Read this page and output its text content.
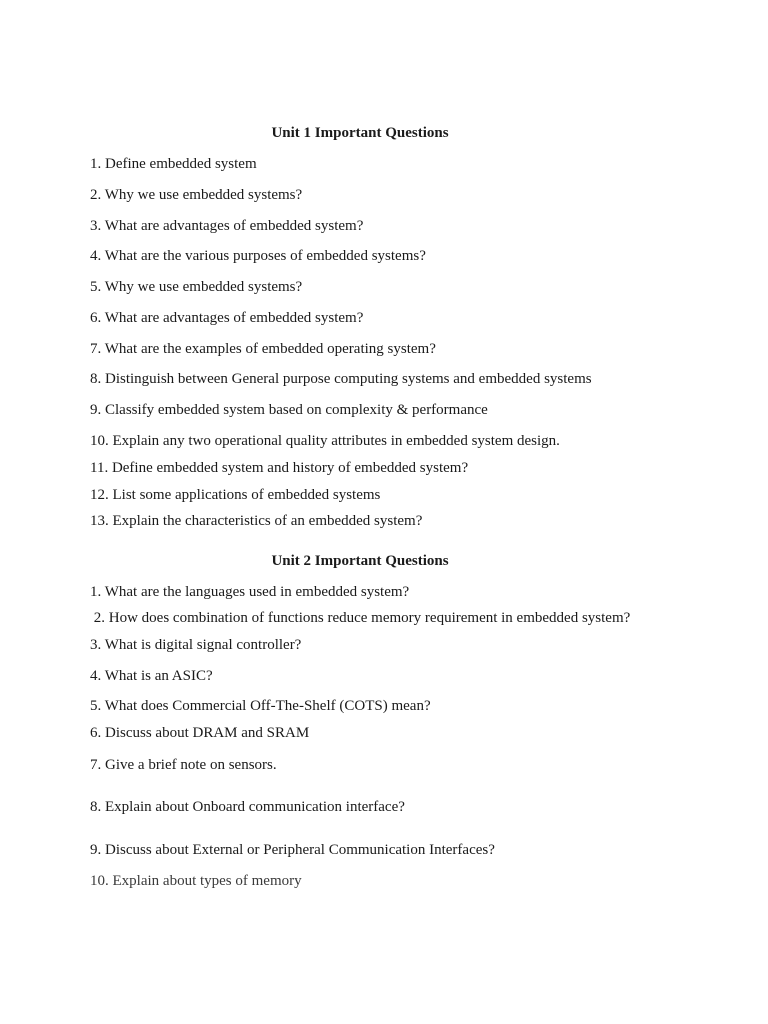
Unit 1 Important Questions
1. Define embedded system
2. Why we use embedded systems?
3. What are advantages of embedded system?
4. What are the various purposes of embedded systems?
5. Why we use embedded systems?
6. What are advantages of embedded system?
7. What are the examples of embedded operating system?
8. Distinguish between General purpose computing systems and embedded systems
9. Classify embedded system based on complexity & performance
10. Explain any two operational quality attributes in embedded system design.
11. Define embedded system and history of embedded system?
12. List some applications of embedded systems
13. Explain the characteristics of an embedded system?
Unit 2 Important Questions
1. What are the languages used in embedded system?
2. How does combination of functions reduce memory requirement in embedded system?
3. What is digital signal controller?
4. What is an ASIC?
5. What does Commercial Off-The-Shelf (COTS) mean?
6. Discuss about DRAM and SRAM
7. Give a brief note on sensors.
8. Explain about Onboard communication interface?
9. Discuss about External or Peripheral Communication Interfaces?
10. Explain about types of memory
